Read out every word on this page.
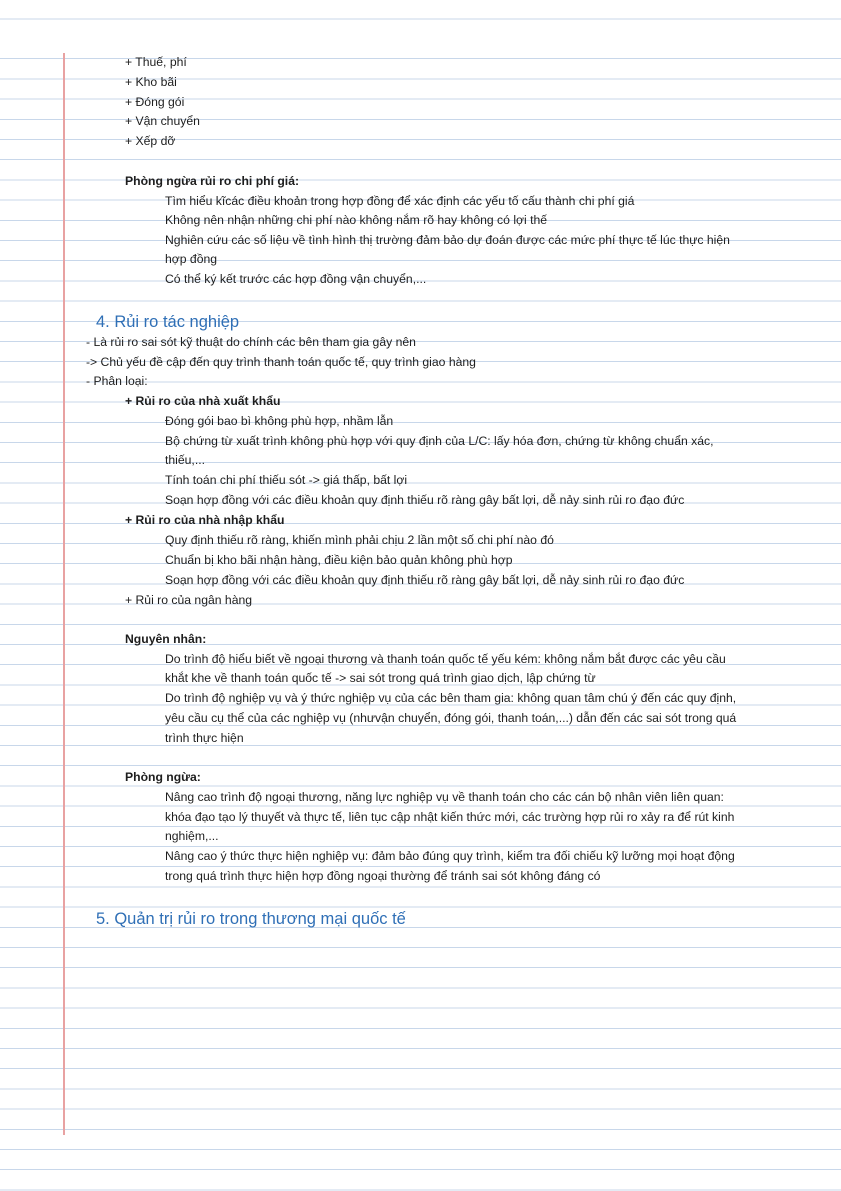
+ Thuế, phí
+ Kho bãi
+ Đóng gói
+ Vận chuyển
+ Xếp dỡ
Phòng ngừa rủi ro chi phí giá:
Tìm hiểu kĩcác điều khoản trong hợp đồng để xác định các yếu tố cấu thành chi phí giá
Không nên nhận những chi phí nào không nắm rõ hay không có lợi thế
Nghiên cứu các số liệu về tình hình thị trường đảm bảo dự đoán được các mức phí thực tế lúc thực hiện
hợp đồng
Có thể ký kết trước các hợp đồng vận chuyển,...
4. Rủi ro tác nghiệp
- Là rủi ro sai sót kỹ thuật do chính các bên tham gia gây nên
-> Chủ yếu đề cập đến quy trình thanh toán quốc tế, quy trình giao hàng
- Phân loại:
+ Rủi ro của nhà xuất khẩu
Đóng gói bao bì không phù hợp, nhầm lẫn
Bộ chứng từ xuất trình không phù hợp với quy định của L/C: lấy hóa đơn, chứng từ không chuẩn xác,
thiếu,...
Tính toán chi phí thiếu sót -> giá thấp, bất lợi
Soạn hợp đồng với các điều khoản quy định thiếu rõ ràng gây bất lợi, dễ nảy sinh rủi ro đạo đức
+ Rủi ro của nhà nhập khẩu
Quy định thiếu rõ ràng, khiến mình phải chịu 2 lần một số chi phí nào đó
Chuẩn bị kho bãi nhận hàng, điều kiện bảo quản không phù hợp
Soạn hợp đồng với các điều khoản quy định thiếu rõ ràng gây bất lợi, dễ nảy sinh rủi ro đạo đức
+ Rủi ro của ngân hàng
Nguyên nhân:
Do trình độ hiểu biết về ngoại thương và thanh toán quốc tế yếu kém: không nắm bắt được các yêu cầu
khắt khe về thanh toán quốc tế -> sai sót trong quá trình giao dịch, lập chứng từ
Do trình độ nghiệp vụ và ý thức nghiệp vụ của các bên tham gia: không quan tâm chú ý đến các quy định,
yêu cầu cụ thể của các nghiệp vụ (nhưvận chuyển, đóng gói, thanh toán,...) dẫn đến các sai sót trong quá
trình thực hiện
Phòng ngừa:
Nâng cao trình độ ngoại thương, năng lực nghiệp vụ về thanh toán cho các cán bộ nhân viên liên quan:
khóa đạo tạo lý thuyết và thực tế, liên tục cập nhật kiến thức mới, các trường hợp rủi ro xảy ra để rút kinh
nghiệm,...
Nâng cao ý thức thực hiện nghiệp vụ: đảm bảo đúng quy trình, kiểm tra đối chiếu kỹ lưỡng mọi hoạt động
trong quá trình thực hiện hợp đồng ngoại thường để tránh sai sót không đáng có
5. Quản trị rủi ro trong thương mại quốc tế
